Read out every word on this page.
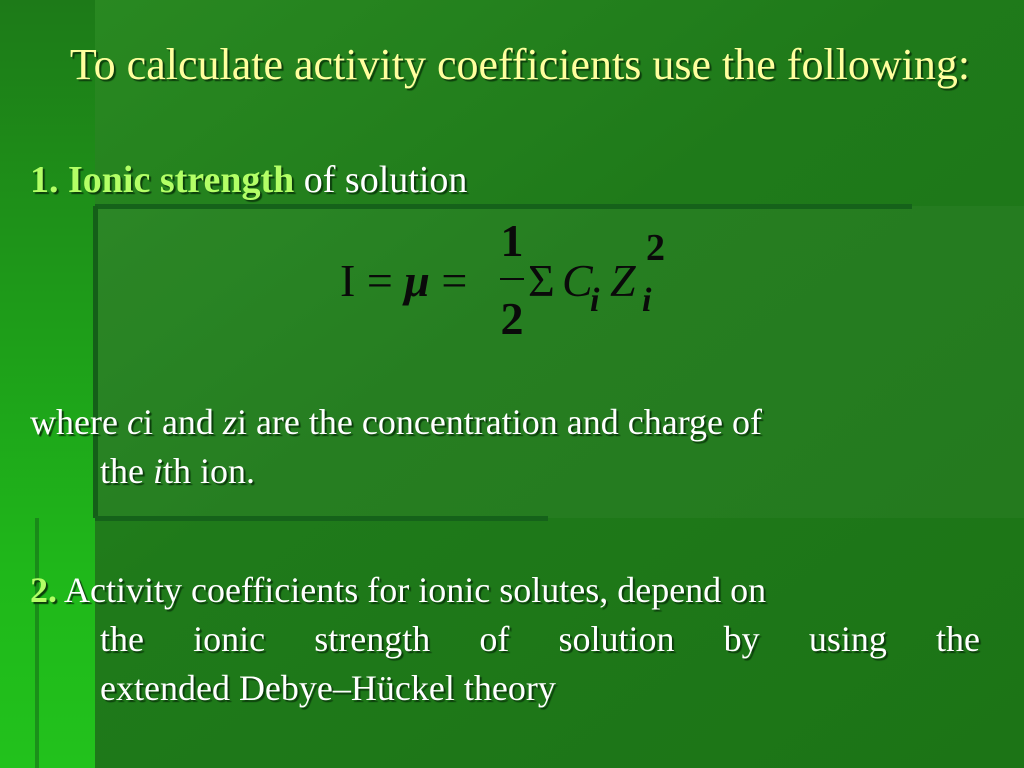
To calculate activity coefficients use the following:
1. Ionic strength of solution
I = μ =
1
2
Σ C
i Z
2
i
where ci and zi are the concentration and charge of
the ith ion.
2. Activity coefficients for ionic solutes, depend on
the ionic strength of solution by using the
extended Debye–Hückel theory
